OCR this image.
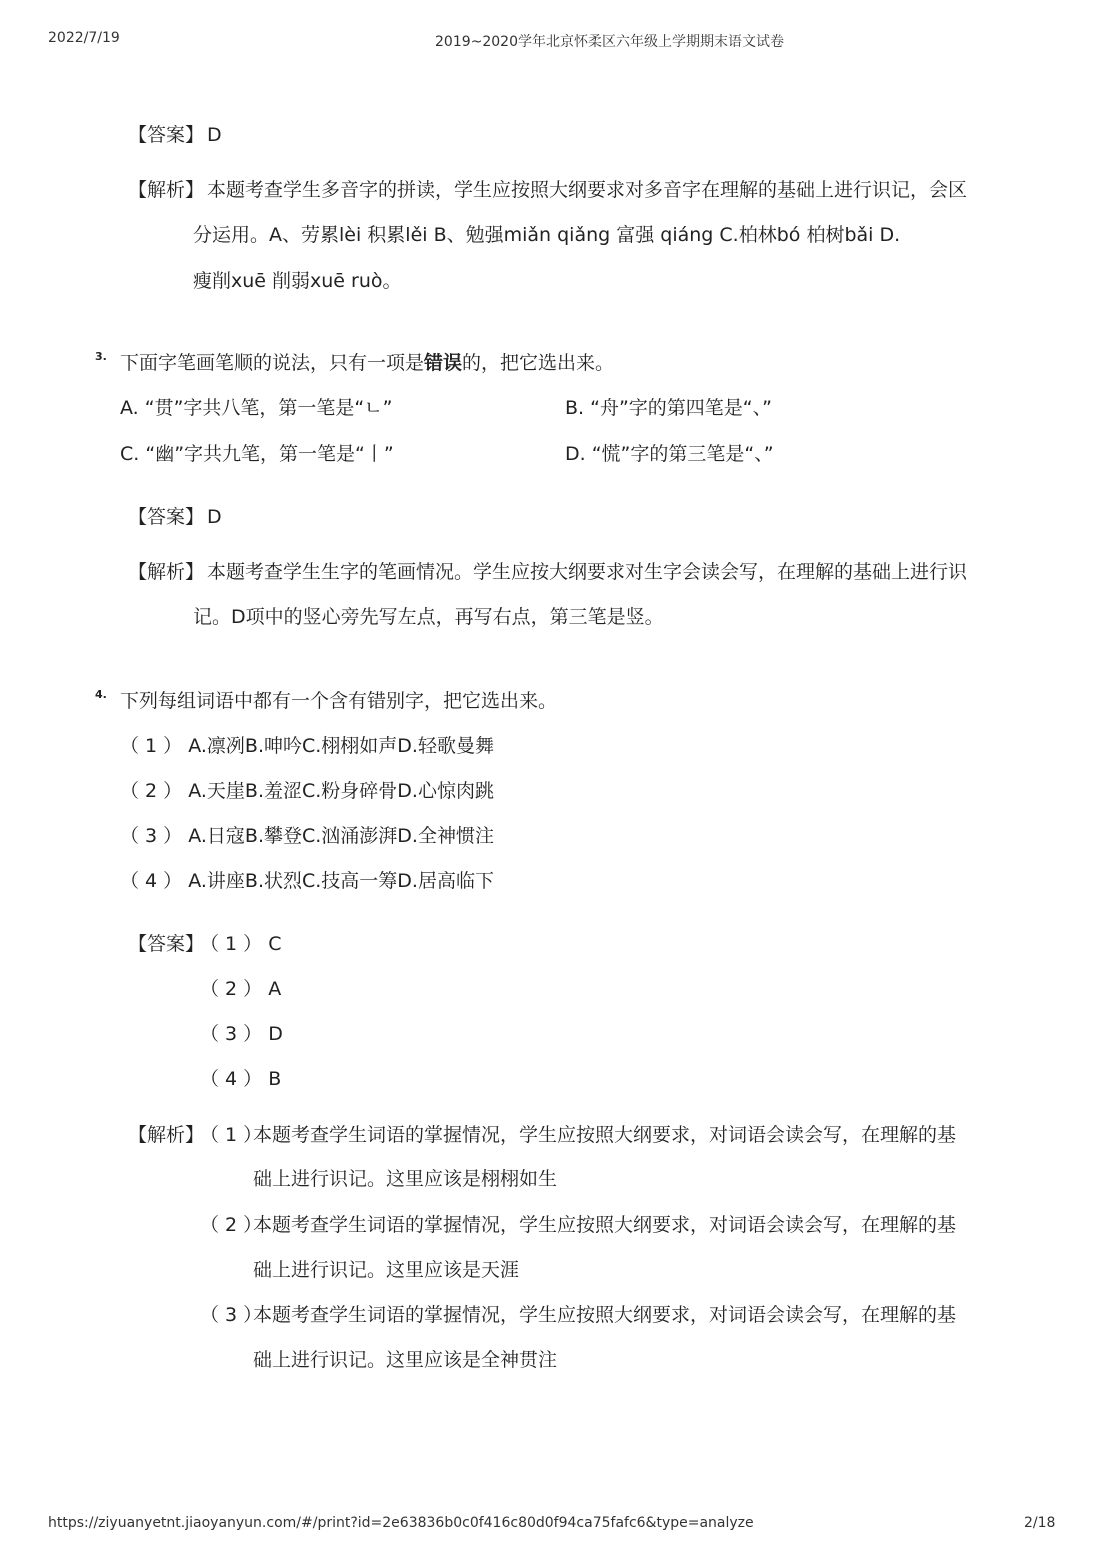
2022/7/19	2019~2020学年北京怀柔区六年级上学期期末语文试卷
【答案】 D
【解析】 本题考查学生多音字的拼读，学生应按照大纲要求对多音字在理解的基础上进行识记，会区
分运用。A、劳累lèi 积累lěi B、勉强miǎn qiǎng 富强 qiáng C.柏林bó 柏树bǎi D.
瘦削xuē 削弱xuē ruò。
3. 下面字笔画笔顺的说法，只有一项是错误的，把它选出来。
A. “贯”字共八笔，第一笔是“ㄴ”	B. “舟”字的第四笔是“、”
C. “幽”字共九笔，第一笔是“丨”	D. “慌”字的第三笔是“、”
【答案】 D
【解析】 本题考查学生生字的笔画情况。学生应按大纲要求对生字会读会写，在理解的基础上进行识
记。D项中的竖心旁先写左点，再写右点，第三笔是竖。
4. 下列每组词语中都有一个含有错别字，把它选出来。
（ 1 ） A.凛冽B.呻吟C.栩栩如声D.轻歌曼舞
（ 2 ） A.天崖B.羞涩C.粉身碎骨D.心惊肉跳
（ 3 ） A.日寇B.攀登C.汹涌澎湃D.全神惯注
（ 4 ） A.讲座B.状烈C.技高一筹D.居高临下
【答案】
（ 1 ） C
（ 2 ） A
（ 3 ） D
（ 4 ） B
【解析】
（ 1 ）
本题考查学生词语的掌握情况，学生应按照大纲要求，对词语会读会写，在理解的基
础上进行识记。这里应该是栩栩如生
（ 2 ）
本题考查学生词语的掌握情况，学生应按照大纲要求，对词语会读会写，在理解的基
础上进行识记。这里应该是天涯
（ 3 ）
本题考查学生词语的掌握情况，学生应按照大纲要求，对词语会读会写，在理解的基
础上进行识记。这里应该是全神贯注
https://ziyuanyetnt.jiaoyanyun.com/#/print?id=2e63836b0c0f416c80d0f94ca75fafc6&type=analyze	2/18
